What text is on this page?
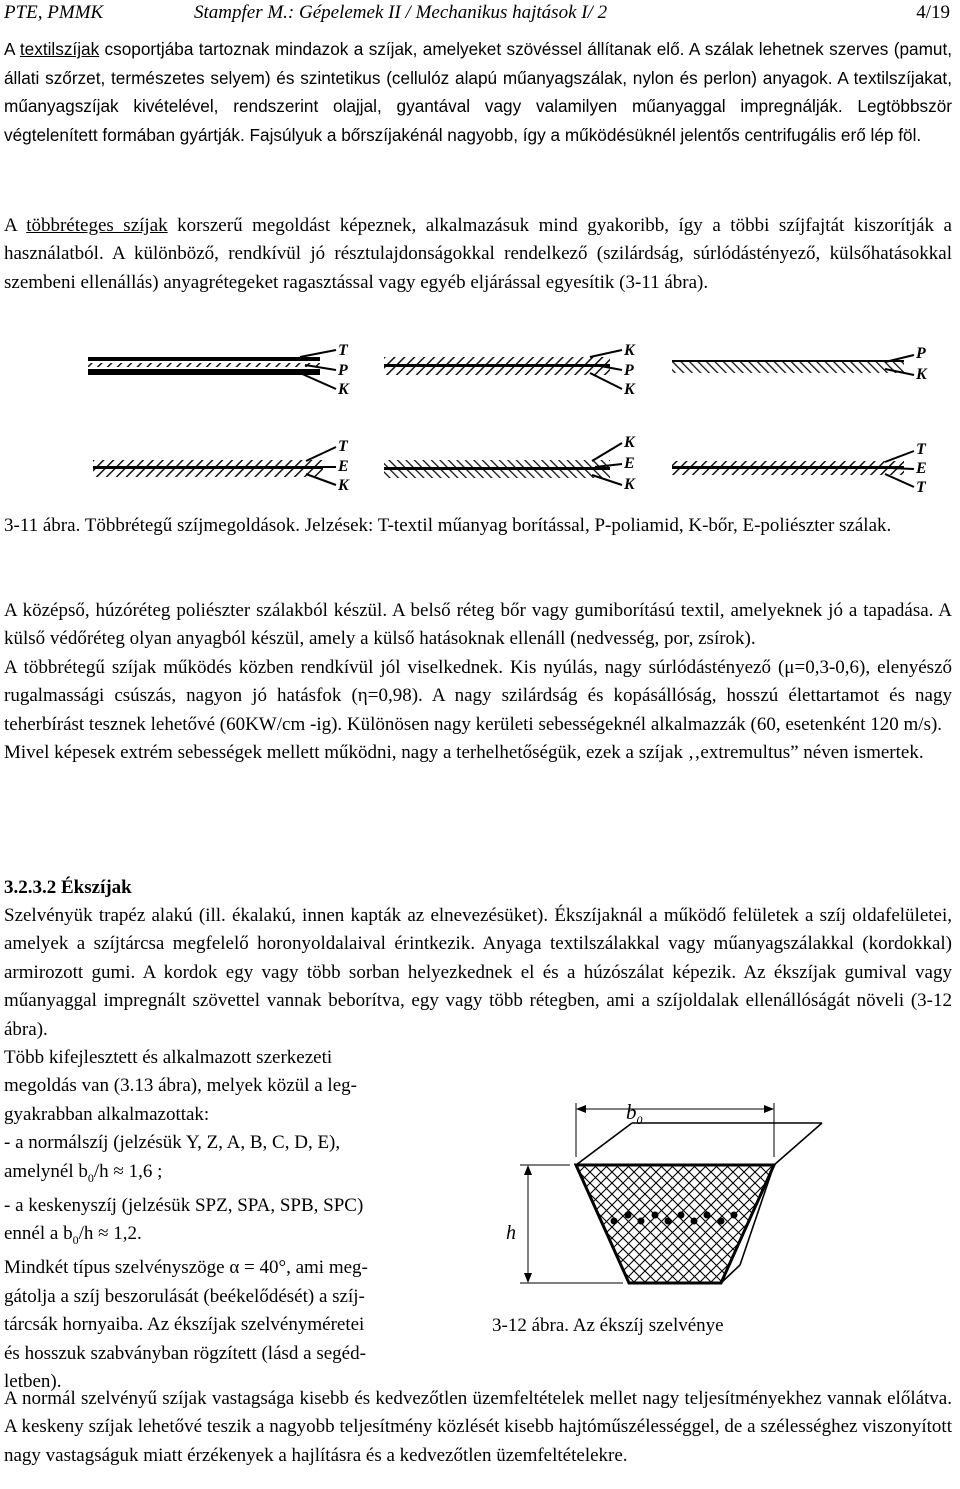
PTE, PMMK	Stampfer M.: Gépelemek II / Mechanikus hajtások I/ 2	4/19

A textilszíjak csoportjába tartoznak mindazok a szíjak, amelyeket szövéssel állítanak elő. A szálak lehetnek szerves (pamut, állati szőrzet, természetes selyem) és szintetikus (cellulóz alapú műanyagszálak, nylon és perlon) anyagok. A textilszíjakat, műanyagszíjak kivételével, rendszerint olajjal, gyantával vagy valamilyen műanyaggal impregnálják. Legtöbbször végtelenített formában gyártják. Fajsúlyuk a bőrszíjakénál nagyobb, így a működésüknél jelentős centrifugális erő lép föl.

A többréteges szíjak korszerű megoldást képeznek, alkalmazásuk mind gyakoribb, így a többi szíjfajtát kiszorítják a használatból. A különböző, rendkívül jó résztulajdonságokkal rendelkező (szilárdság, súrlódástényező, külsőhatásokkal szembeni ellenállás) anyagrétegeket ragasztással vagy egyéb eljárással egyesítik (3-11 ábra).

T
P
K
K
P
K
P
K
T
E
K
K
E
K
T
E
T

3-11 ábra. Többrétegű szíjmegoldások. Jelzések: T-textil műanyag borítással, P-poliamid, K-bőr, E-poliészter szálak.

A középső, húzóréteg poliészter szálakból készül. A belső réteg bőr vagy gumiborítású textil, amelyeknek jó a tapadása. A külső védőréteg olyan anyagból készül, amely a külső hatásoknak ellenáll (nedvesség, por, zsírok).

A többrétegű szíjak működés közben rendkívül jól viselkednek. Kis nyúlás, nagy súrlódástényező (μ=0,3-0,6), elenyésző rugalmassági csúszás, nagyon jó hatásfok (η=0,98). A nagy szilárdság és kopásállóság, hosszú élettartamot és nagy teherbírást tesznek lehetővé (60KW/cm -ig). Különösen nagy kerületi sebességeknél alkalmazzák (60, esetenként 120 m/s).

Mivel képesek extrém sebességek mellett működni, nagy a terhelhetőségük, ezek a szíjak ‚‚extremultus” néven ismertek.

3.2.3.2 Ékszíjak

Szelvényük trapéz alakú (ill. ékalakú, innen kapták az elnevezésüket). Ékszíjaknál a működő felületek a szíj oldafelületei, amelyek a szíjtárcsa megfelelő horonyoldalaival érintkezik. Anyaga textilszálakkal vagy műanyagszálakkal (kordokkal) armirozott gumi. A kordok egy vagy több sorban helyezkednek el és a húzószálat képezik. Az ékszíjak gumival vagy műanyaggal impregnált szövettel vannak beborítva, egy vagy több rétegben, ami a szíjoldalak ellenállóságát növeli (3-12 ábra).

Több kifejlesztett és alkalmazott szerkezeti
megoldás van (3.13 ábra), melyek közül a leg-
gyakrabban alkalmazottak:
- a normálszíj (jelzésük Y, Z, A, B, C, D, E),
amelynél $b_0/h \approx 1,6$ ;
- a keskenyszíj (jelzésük SPZ, SPA, SPB, SPC)
ennél a $b_0/h \approx 1,2$.
Mindkét típus szelvényszöge α = 40°, ami meg-
gátolja a szíj beszorulását (beékelődését) a szíj-
tárcsák hornyaiba. Az ékszíjak szelvényméretei
és hosszuk szabványban rögzített (lásd a segéd-
letben).
$b_0$
h
3-12 ábra. Az ékszíj szelvénye

A normál szelvényű szíjak vastagsága kisebb és kedvezőtlen üzemfeltételek mellet nagy teljesítményekhez vannak előlátva. A keskeny szíjak lehetővé teszik a nagyobb teljesítmény közlését kisebb hajtóműszélességgel, de a szélességhez viszonyított nagy vastagságuk miatt érzékenyek a hajlításra és a kedvezőtlen üzemfeltételekre.
